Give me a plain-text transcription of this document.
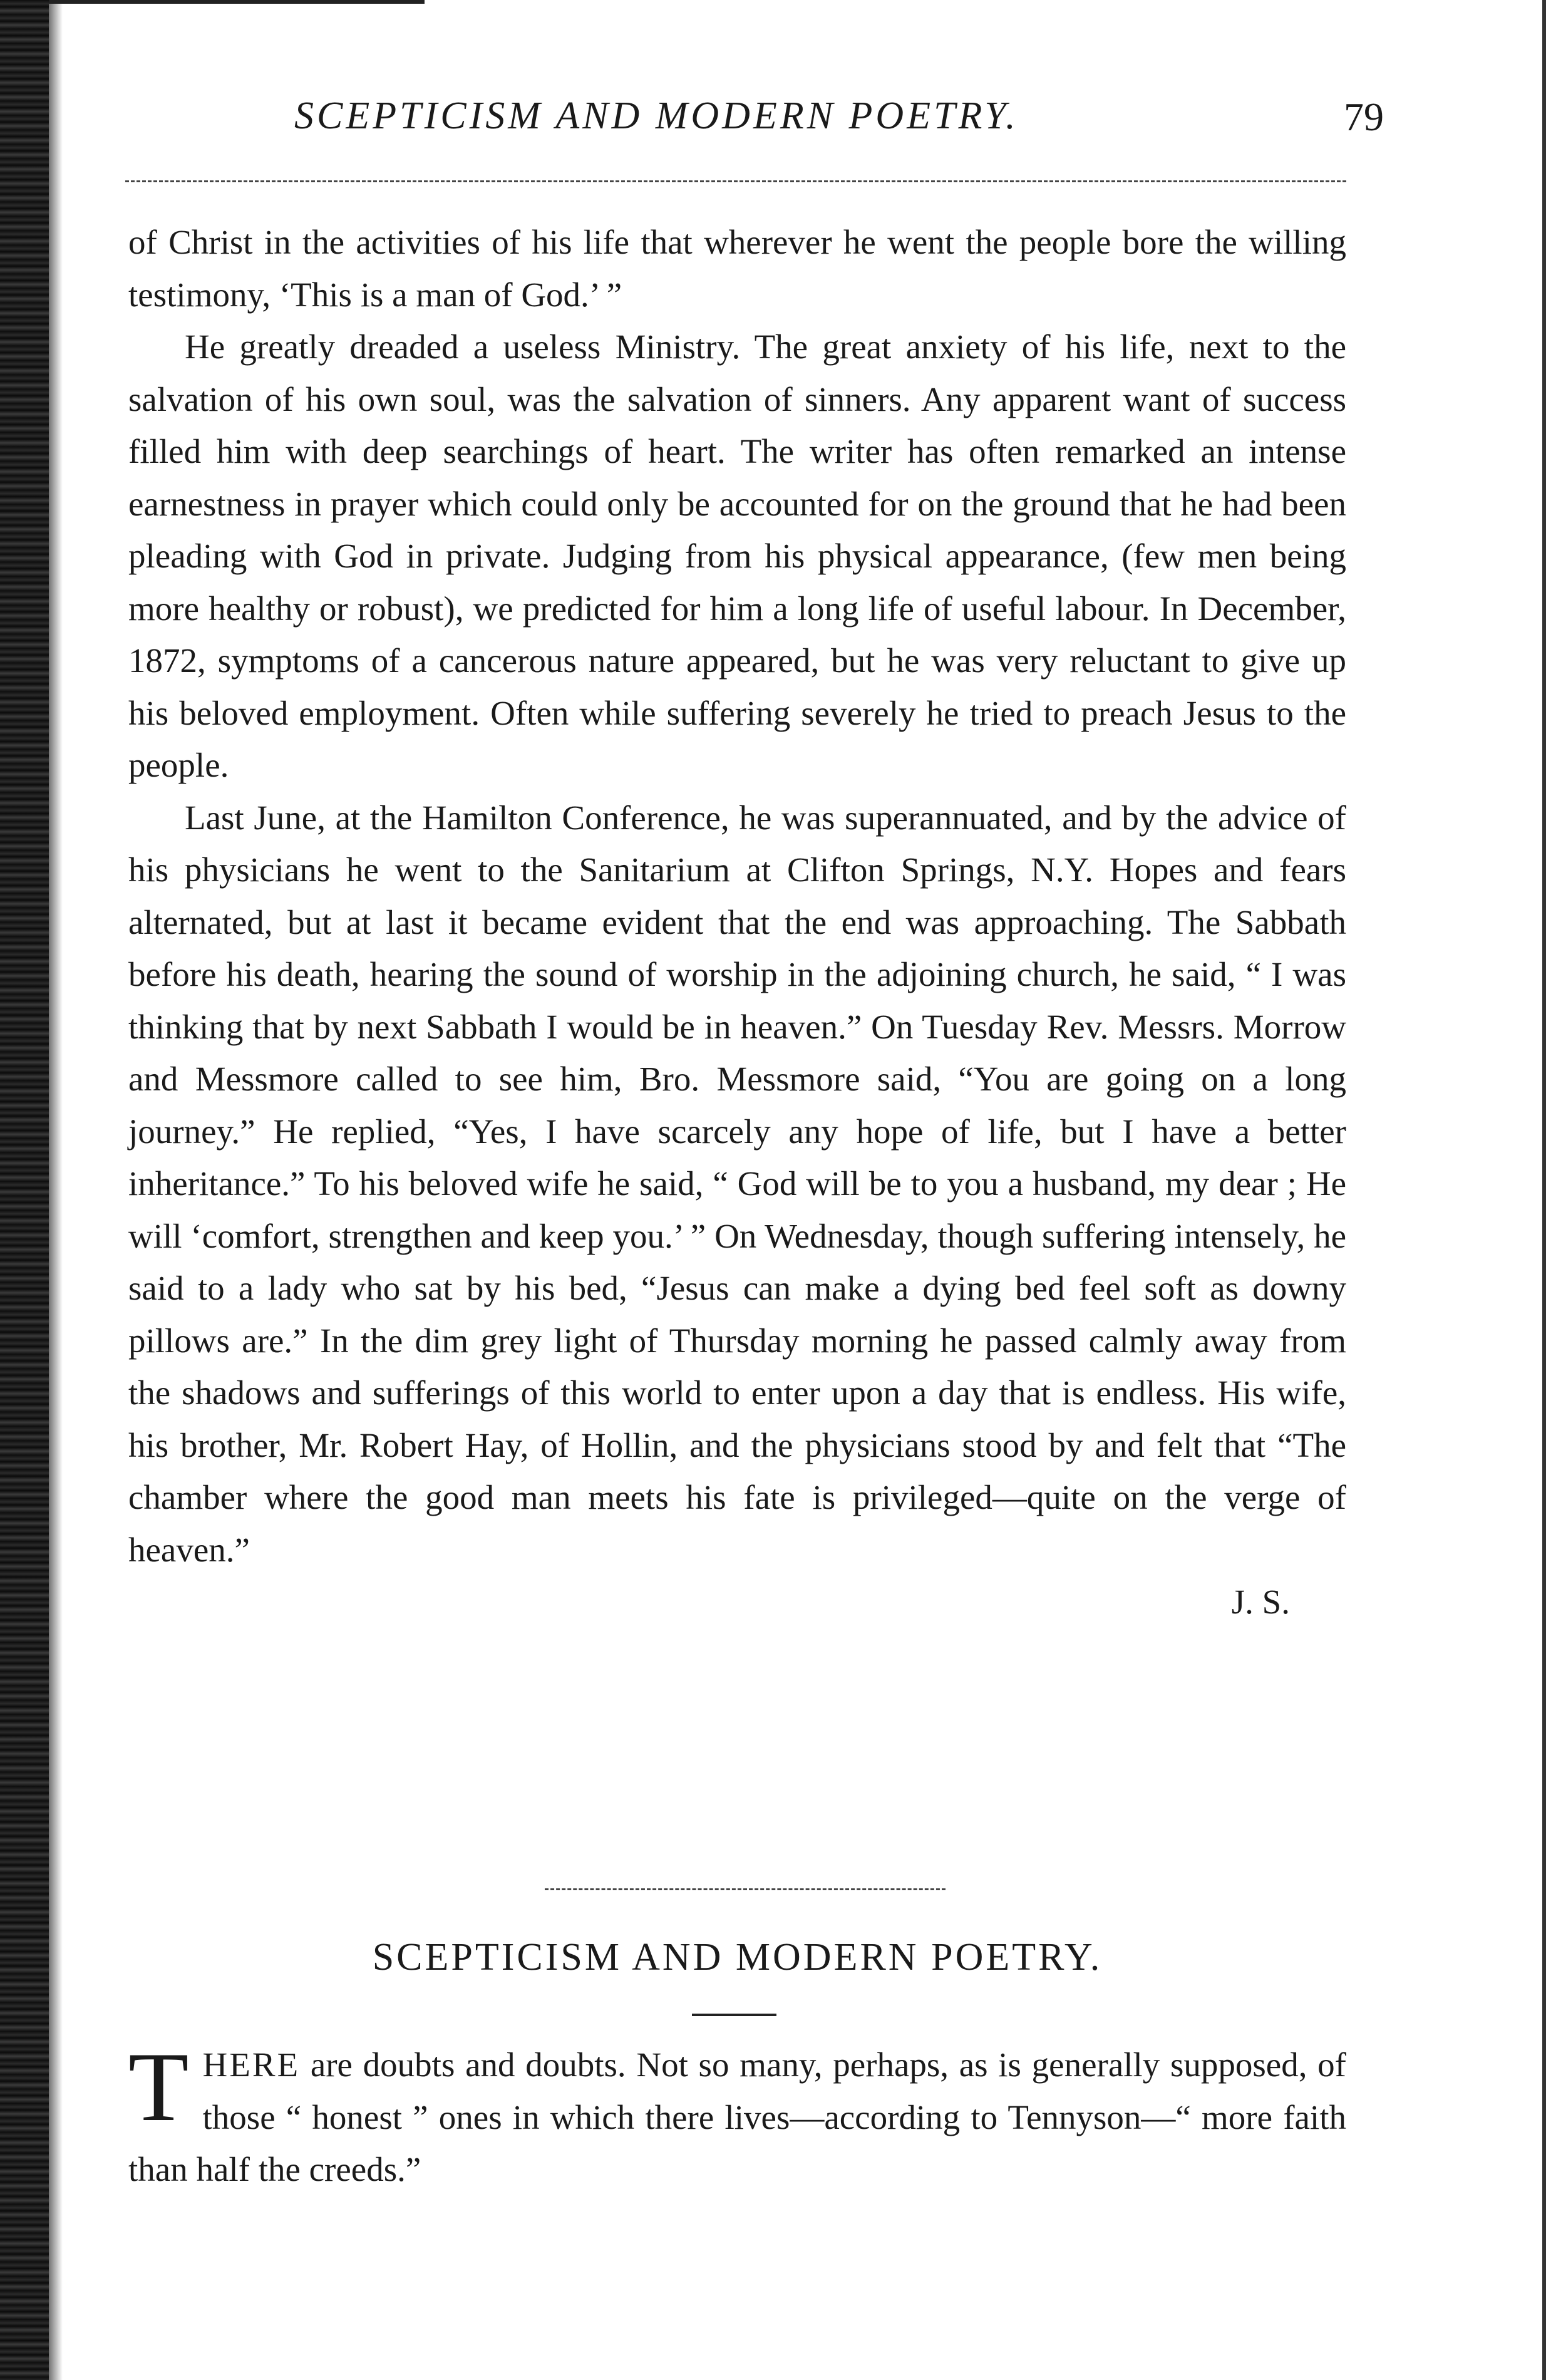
SCEPTICISM AND MODERN POETRY.	79

of Christ in the activities of his life that wherever he went the people bore the willing testimony, ‘This is a man of God.’ ”

He greatly dreaded a useless Ministry. The great anxiety of his life, next to the salvation of his own soul, was the salvation of sinners. Any apparent want of success filled him with deep searchings of heart. The writer has often remarked an intense earnestness in prayer which could only be accounted for on the ground that he had been pleading with God in private. Judging from his physical appearance, (few men being more healthy or robust), we predicted for him a long life of useful labour. In December, 1872, symptoms of a cancerous nature appeared, but he was very reluctant to give up his beloved employment. Often while suffering severely he tried to preach Jesus to the people.

Last June, at the Hamilton Conference, he was superannuated, and by the advice of his physicians he went to the Sanitarium at Clifton Springs, N.Y. Hopes and fears alternated, but at last it became evident that the end was approaching. The Sabbath before his death, hearing the sound of worship in the adjoining church, he said, “ I was thinking that by next Sabbath I would be in heaven.” On Tuesday Rev. Messrs. Morrow and Messmore called to see him, Bro. Messmore said, “You are going on a long journey.” He replied, “Yes, I have scarcely any hope of life, but I have a better inheritance.” To his beloved wife he said, “ God will be to you a husband, my dear ; He will ‘comfort, strengthen and keep you.’ ” On Wednesday, though suffering intensely, he said to a lady who sat by his bed, “Jesus can make a dying bed feel soft as downy pillows are.” In the dim grey light of Thursday morning he passed calmly away from the shadows and sufferings of this world to enter upon a day that is endless. His wife, his brother, Mr. Robert Hay, of Hollin, and the physicians stood by and felt that “The chamber where the good man meets his fate is privileged—quite on the verge of heaven.”

J. S.

SCEPTICISM AND MODERN POETRY.
THERE are doubts and doubts. Not so many, perhaps, as is generally supposed, of those “ honest ” ones in which there lives—according to Tennyson—“ more faith than half the creeds.”
